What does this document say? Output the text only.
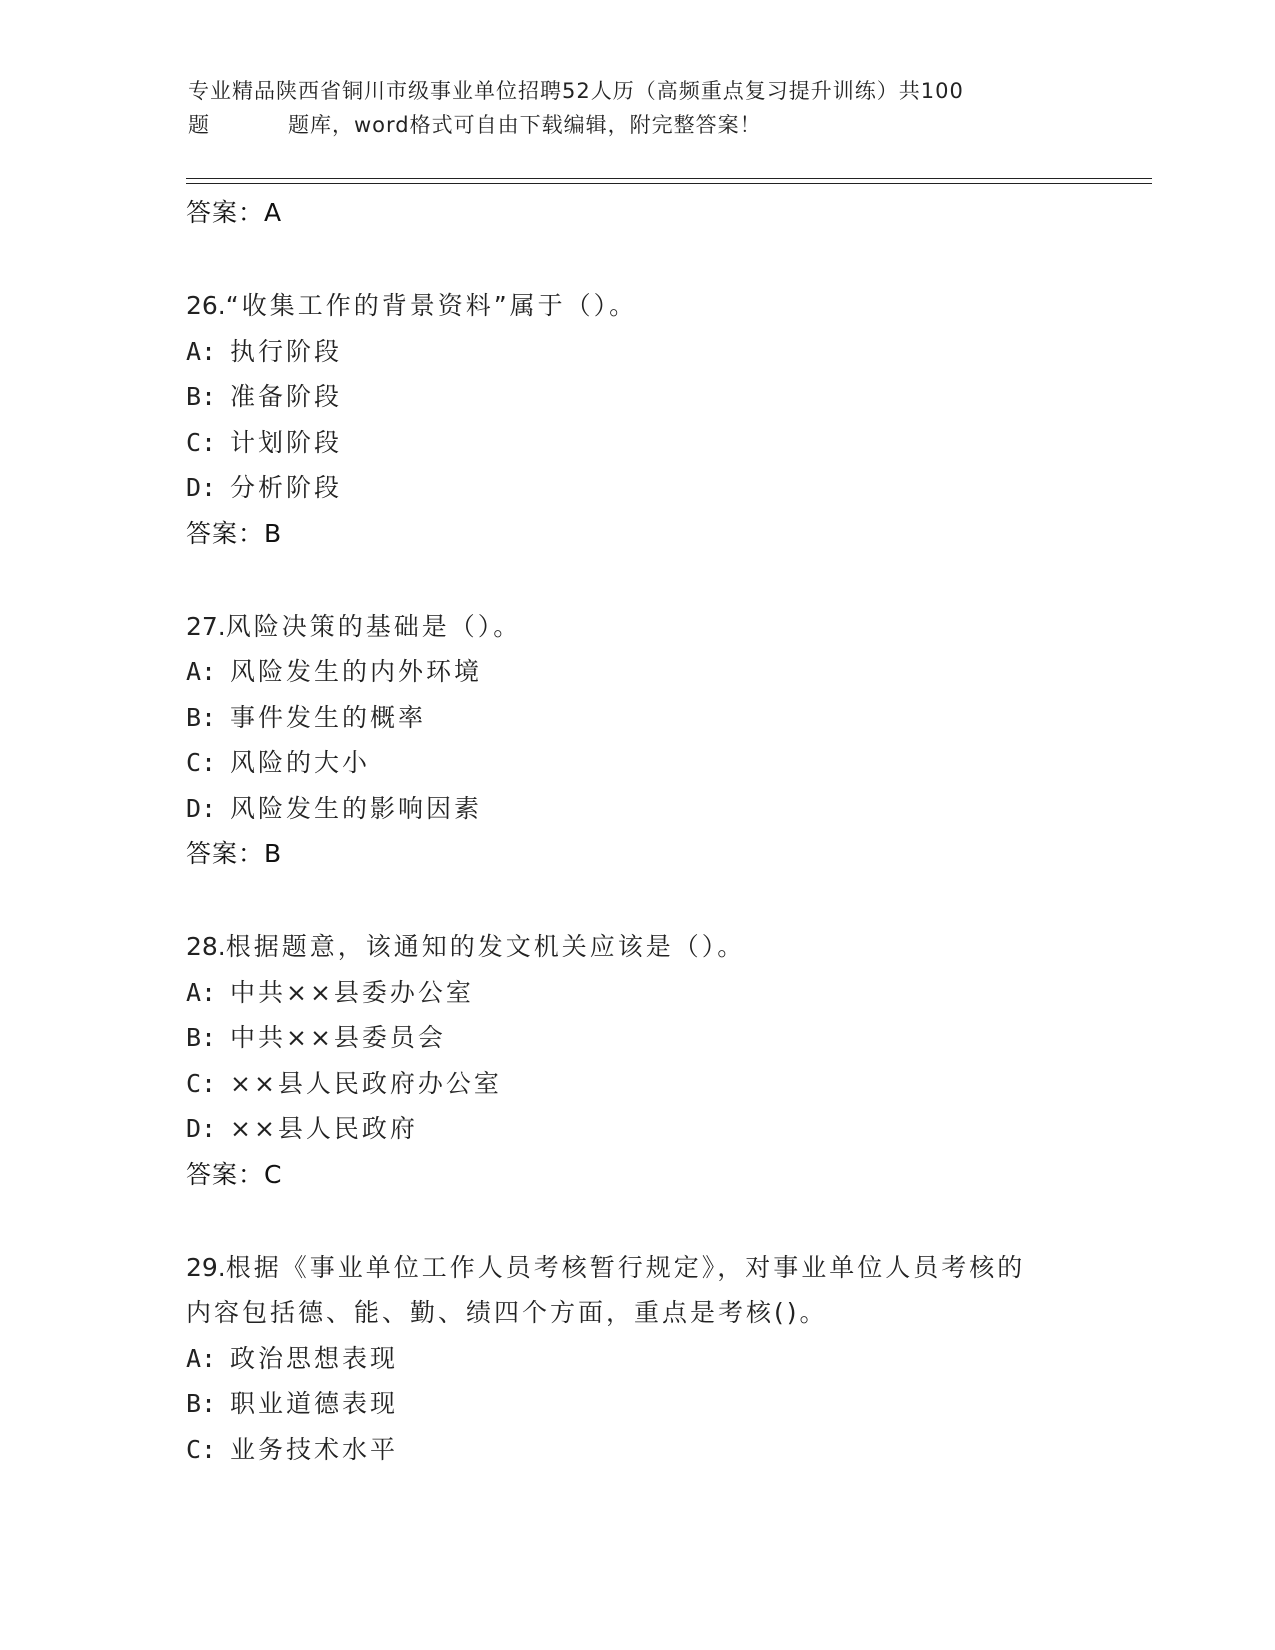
专业精品陕西省铜川市级事业单位招聘52人历（高频重点复习提升训练）共100
题	题库，word格式可自由下载编辑，附完整答案！
答案：A
26.“收集工作的背景资料”属于（）。
A: 执行阶段
B: 准备阶段
C: 计划阶段
D: 分析阶段
答案：B
27.风险决策的基础是（）。
A: 风险发生的内外环境
B: 事件发生的概率
C: 风险的大小
D: 风险发生的影响因素
答案：B
28.根据题意，该通知的发文机关应该是（）。
A: 中共××县委办公室
B: 中共××县委员会
C: ××县人民政府办公室
D: ××县人民政府
答案：C
29.根据《事业单位工作人员考核暂行规定》，对事业单位人员考核的
内容包括德、能、勤、绩四个方面，重点是考核()。
A: 政治思想表现
B: 职业道德表现
C: 业务技术水平
